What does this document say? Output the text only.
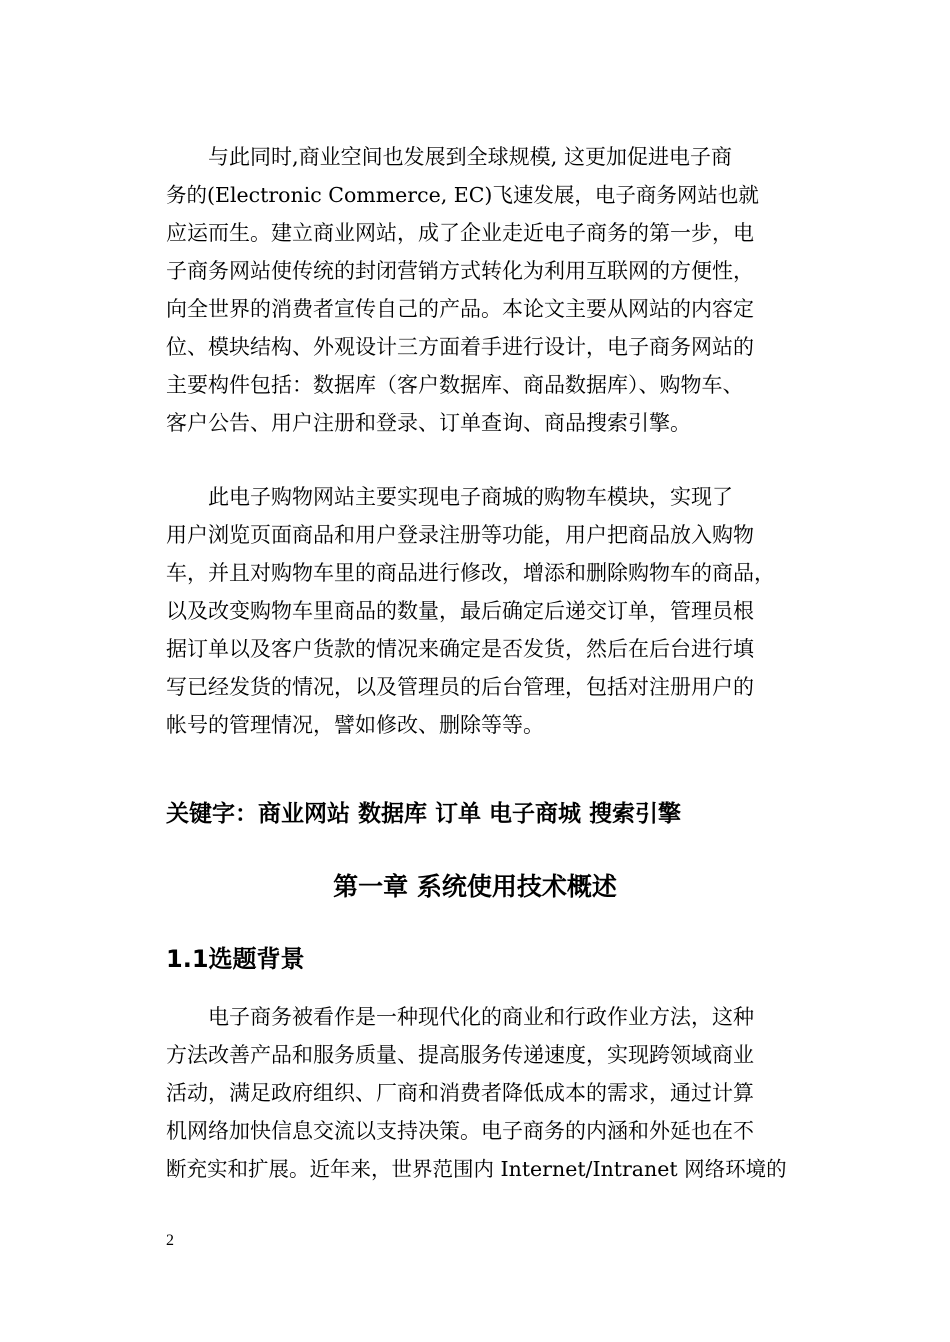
　　与此同时,商业空间也发展到全球规模, 这更加促进电子商
务的(Electronic Commerce, EC)飞速发展，电子商务网站也就
应运而生。建立商业网站，成了企业走近电子商务的第一步，电
子商务网站使传统的封闭营销方式转化为利用互联网的方便性，
向全世界的消费者宣传自己的产品。本论文主要从网站的内容定
位、模块结构、外观设计三方面着手进行设计，电子商务网站的
主要构件包括：数据库（客户数据库、商品数据库）、购物车、
客户公告、用户注册和登录、订单查询、商品搜索引擎。
　　此电子购物网站主要实现电子商城的购物车模块，实现了
用户浏览页面商品和用户登录注册等功能，用户把商品放入购物
车，并且对购物车里的商品进行修改，增添和删除购物车的商品，
以及改变购物车里商品的数量，最后确定后递交订单，管理员根
据订单以及客户货款的情况来确定是否发货，然后在后台进行填
写已经发货的情况，以及管理员的后台管理，包括对注册用户的
帐号的管理情况，譬如修改、删除等等。
关键字：商业网站 数据库 订单 电子商城 搜索引擎
第一章 系统使用技术概述
1.1选题背景
　　电子商务被看作是一种现代化的商业和行政作业方法，这种
方法改善产品和服务质量、提高服务传递速度，实现跨领域商业
活动，满足政府组织、厂商和消费者降低成本的需求，通过计算
机网络加快信息交流以支持决策。电子商务的内涵和外延也在不
断充实和扩展。近年来，世界范围内 Internet/Intranet 网络环境的
2
